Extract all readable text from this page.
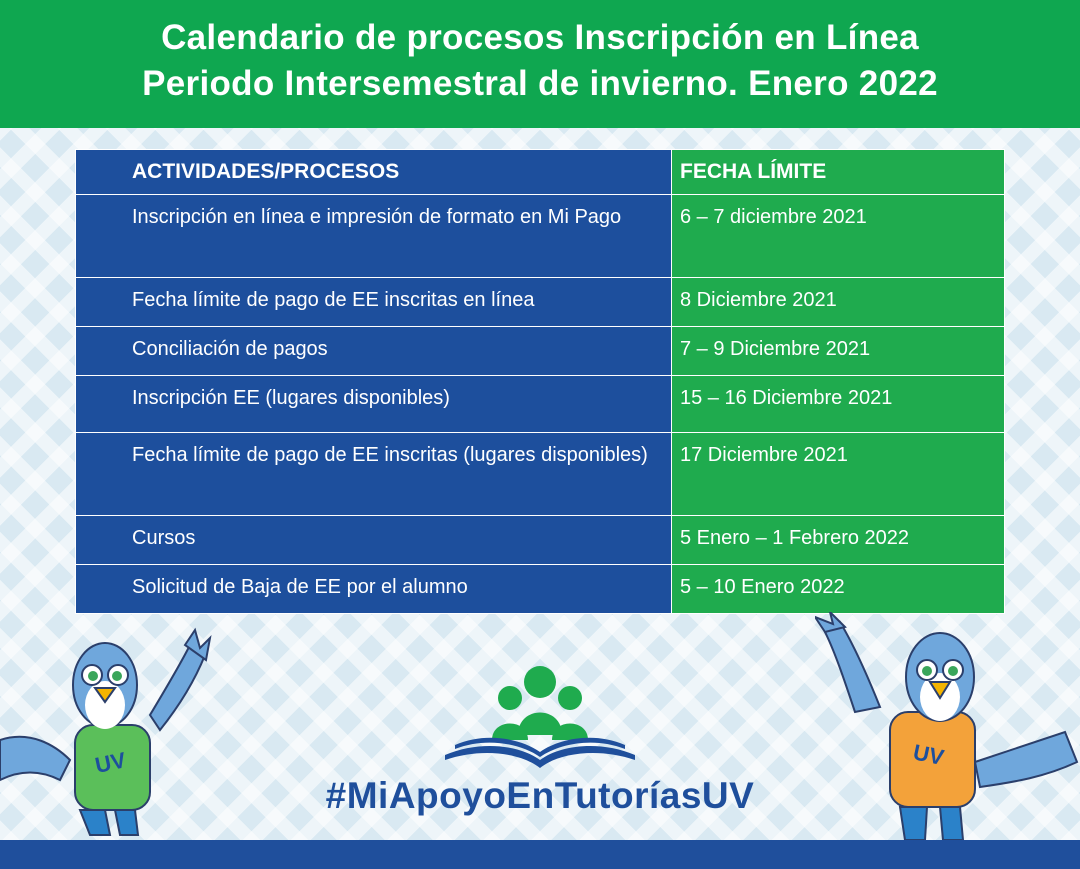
Calendario de procesos Inscripción en Línea
Periodo Intersemestral de invierno. Enero 2022
ACTIVIDADES/PROCESOS	FECHA LÍMITE
Inscripción en línea e impresión de formato en Mi Pago	6 – 7 diciembre 2021
Fecha límite de pago de EE inscritas en línea	8 Diciembre 2021
Conciliación de pagos	7 – 9 Diciembre 2021
Inscripción EE (lugares disponibles)	15 – 16 Diciembre 2021
Fecha límite de pago de EE inscritas (lugares disponibles)	17 Diciembre 2021
Cursos	5 Enero – 1 Febrero 2022
Solicitud de Baja de EE por el alumno	5 – 10 Enero 2022
UV	UV
#MiApoyoEnTutoríasUV
